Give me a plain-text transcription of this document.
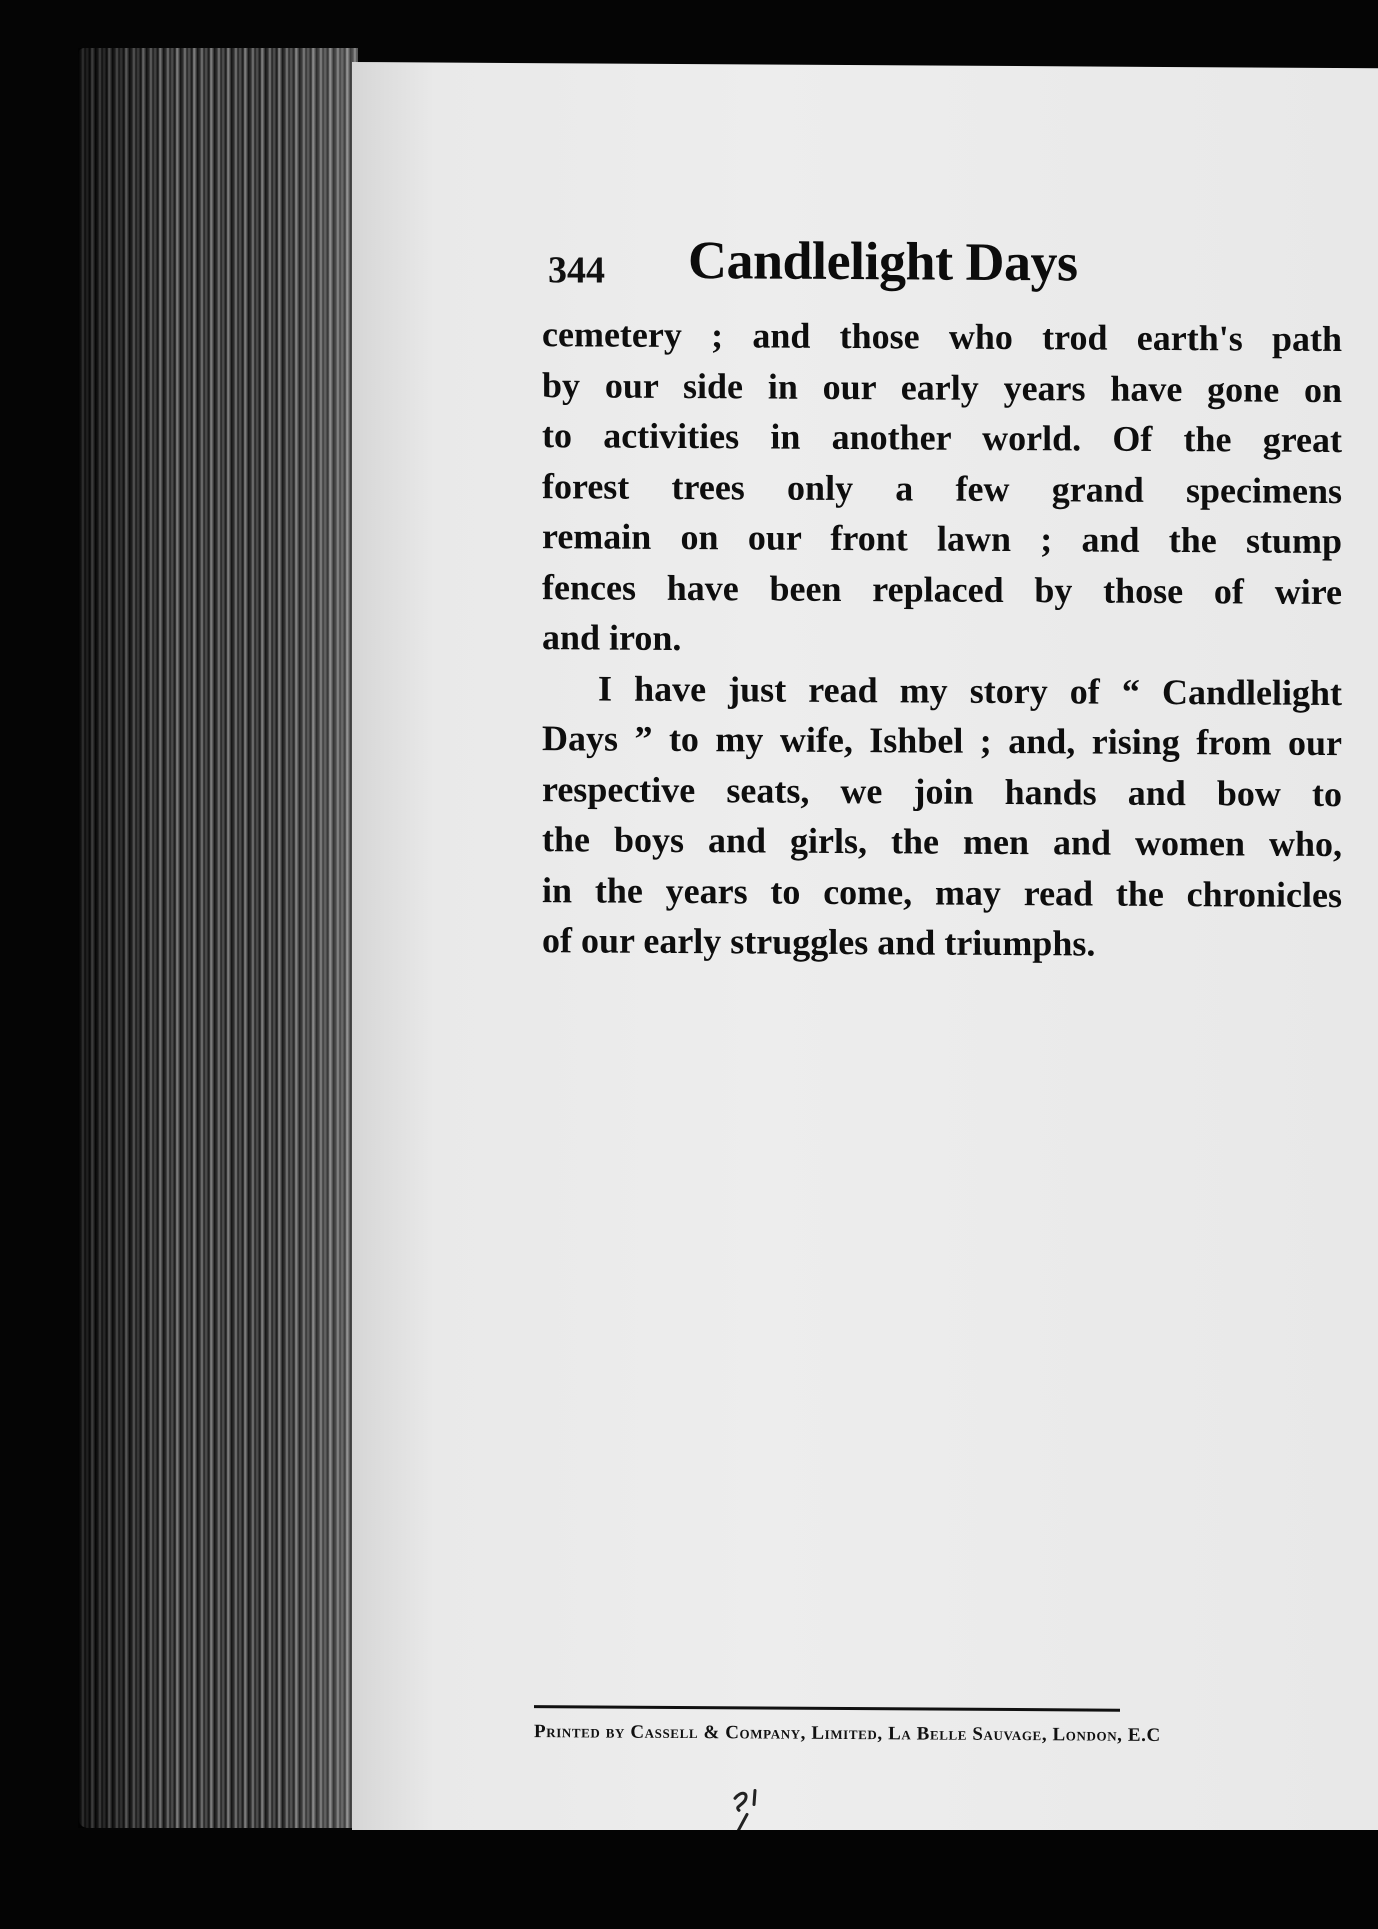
344 Candlelight Days
cemetery ; and those who trod earth's path
by our side in our early years have gone on
to activities in another world. Of the great
forest trees only a few grand specimens
remain on our front lawn ; and the stump
fences have been replaced by those of wire
and iron.
I have just read my story of “ Candlelight
Days ” to my wife, Ishbel ; and, rising from our
respective seats, we join hands and bow to
the boys and girls, the men and women who,
in the years to come, may read the chronicles
of our early struggles and triumphs.
Printed by Cassell & Company, Limited, La Belle Sauvage, London, E.C
